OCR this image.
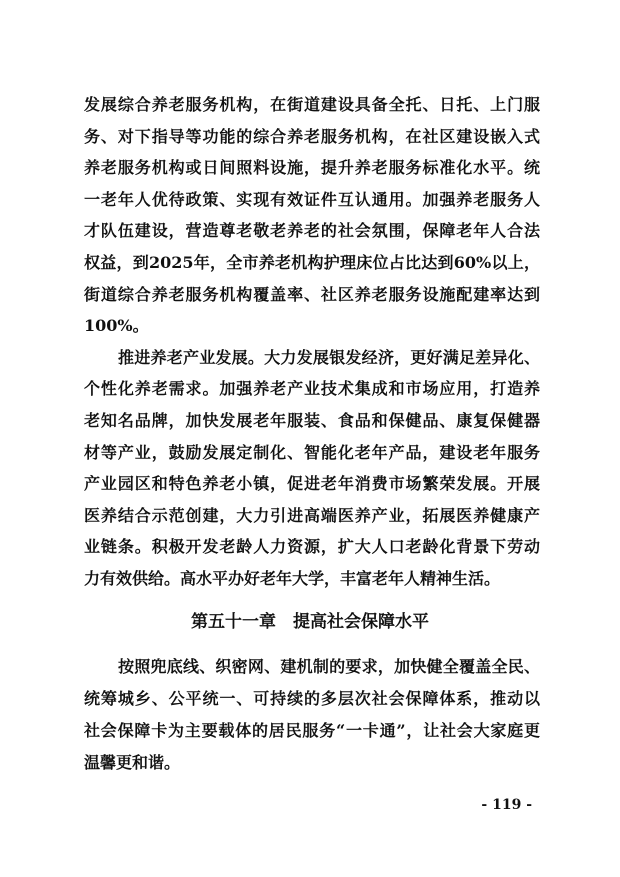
发展综合养老服务机构，在街道建设具备全托、日托、上门服
务、对下指导等功能的综合养老服务机构，在社区建设嵌入式
养老服务机构或日间照料设施，提升养老服务标准化水平。统
一老年人优待政策、实现有效证件互认通用。加强养老服务人
才队伍建设，营造尊老敬老养老的社会氛围，保障老年人合法
权益，到2025年，全市养老机构护理床位占比达到60%以上，
街道综合养老服务机构覆盖率、社区养老服务设施配建率达到
100%。
推进养老产业发展。大力发展银发经济，更好满足差异化、
个性化养老需求。加强养老产业技术集成和市场应用，打造养
老知名品牌，加快发展老年服装、食品和保健品、康复保健器
材等产业，鼓励发展定制化、智能化老年产品，建设老年服务
产业园区和特色养老小镇，促进老年消费市场繁荣发展。开展
医养结合示范创建，大力引进高端医养产业，拓展医养健康产
业链条。积极开发老龄人力资源，扩大人口老龄化背景下劳动
力有效供给。高水平办好老年大学，丰富老年人精神生活。
第五十一章　提高社会保障水平
按照兜底线、织密网、建机制的要求，加快健全覆盖全民、
统筹城乡、公平统一、可持续的多层次社会保障体系，推动以
社会保障卡为主要载体的居民服务“一卡通”，让社会大家庭更
温馨更和谐。
- 119 -
